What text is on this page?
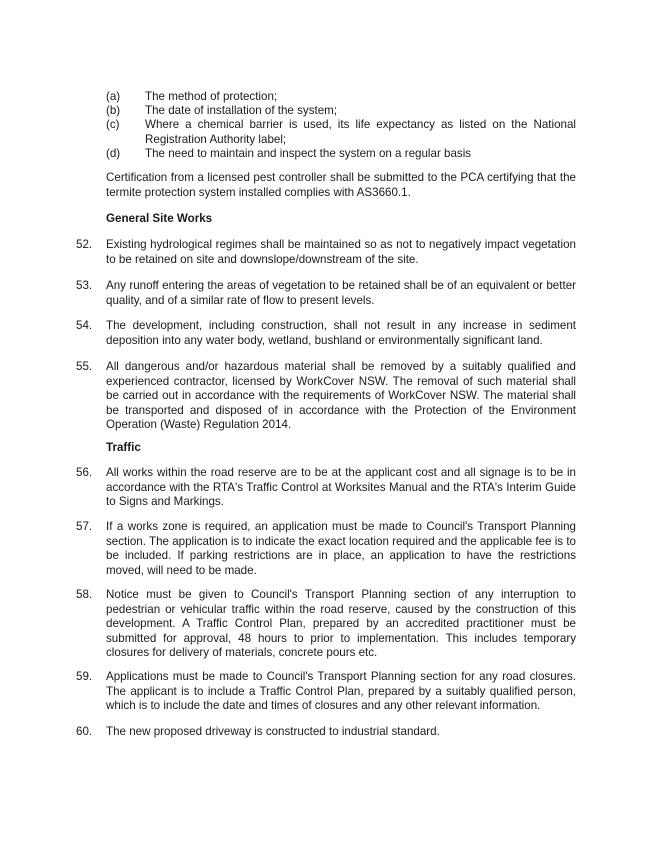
(a) The method of protection;
(b) The date of installation of the system;
(c) Where a chemical barrier is used, its life expectancy as listed on the National Registration Authority label;
(d) The need to maintain and inspect the system on a regular basis
Certification from a licensed pest controller shall be submitted to the PCA certifying that the termite protection system installed complies with AS3660.1.
General Site Works
52. Existing hydrological regimes shall be maintained so as not to negatively impact vegetation to be retained on site and downslope/downstream of the site.
53. Any runoff entering the areas of vegetation to be retained shall be of an equivalent or better quality, and of a similar rate of flow to present levels.
54. The development, including construction, shall not result in any increase in sediment deposition into any water body, wetland, bushland or environmentally significant land.
55. All dangerous and/or hazardous material shall be removed by a suitably qualified and experienced contractor, licensed by WorkCover NSW. The removal of such material shall be carried out in accordance with the requirements of WorkCover NSW. The material shall be transported and disposed of in accordance with the Protection of the Environment Operation (Waste) Regulation 2014.
Traffic
56. All works within the road reserve are to be at the applicant cost and all signage is to be in accordance with the RTA's Traffic Control at Worksites Manual and the RTA's Interim Guide to Signs and Markings.
57. If a works zone is required, an application must be made to Council's Transport Planning section. The application is to indicate the exact location required and the applicable fee is to be included. If parking restrictions are in place, an application to have the restrictions moved, will need to be made.
58. Notice must be given to Council's Transport Planning section of any interruption to pedestrian or vehicular traffic within the road reserve, caused by the construction of this development. A Traffic Control Plan, prepared by an accredited practitioner must be submitted for approval, 48 hours to prior to implementation. This includes temporary closures for delivery of materials, concrete pours etc.
59. Applications must be made to Council's Transport Planning section for any road closures. The applicant is to include a Traffic Control Plan, prepared by a suitably qualified person, which is to include the date and times of closures and any other relevant information.
60. The new proposed driveway is constructed to industrial standard.
